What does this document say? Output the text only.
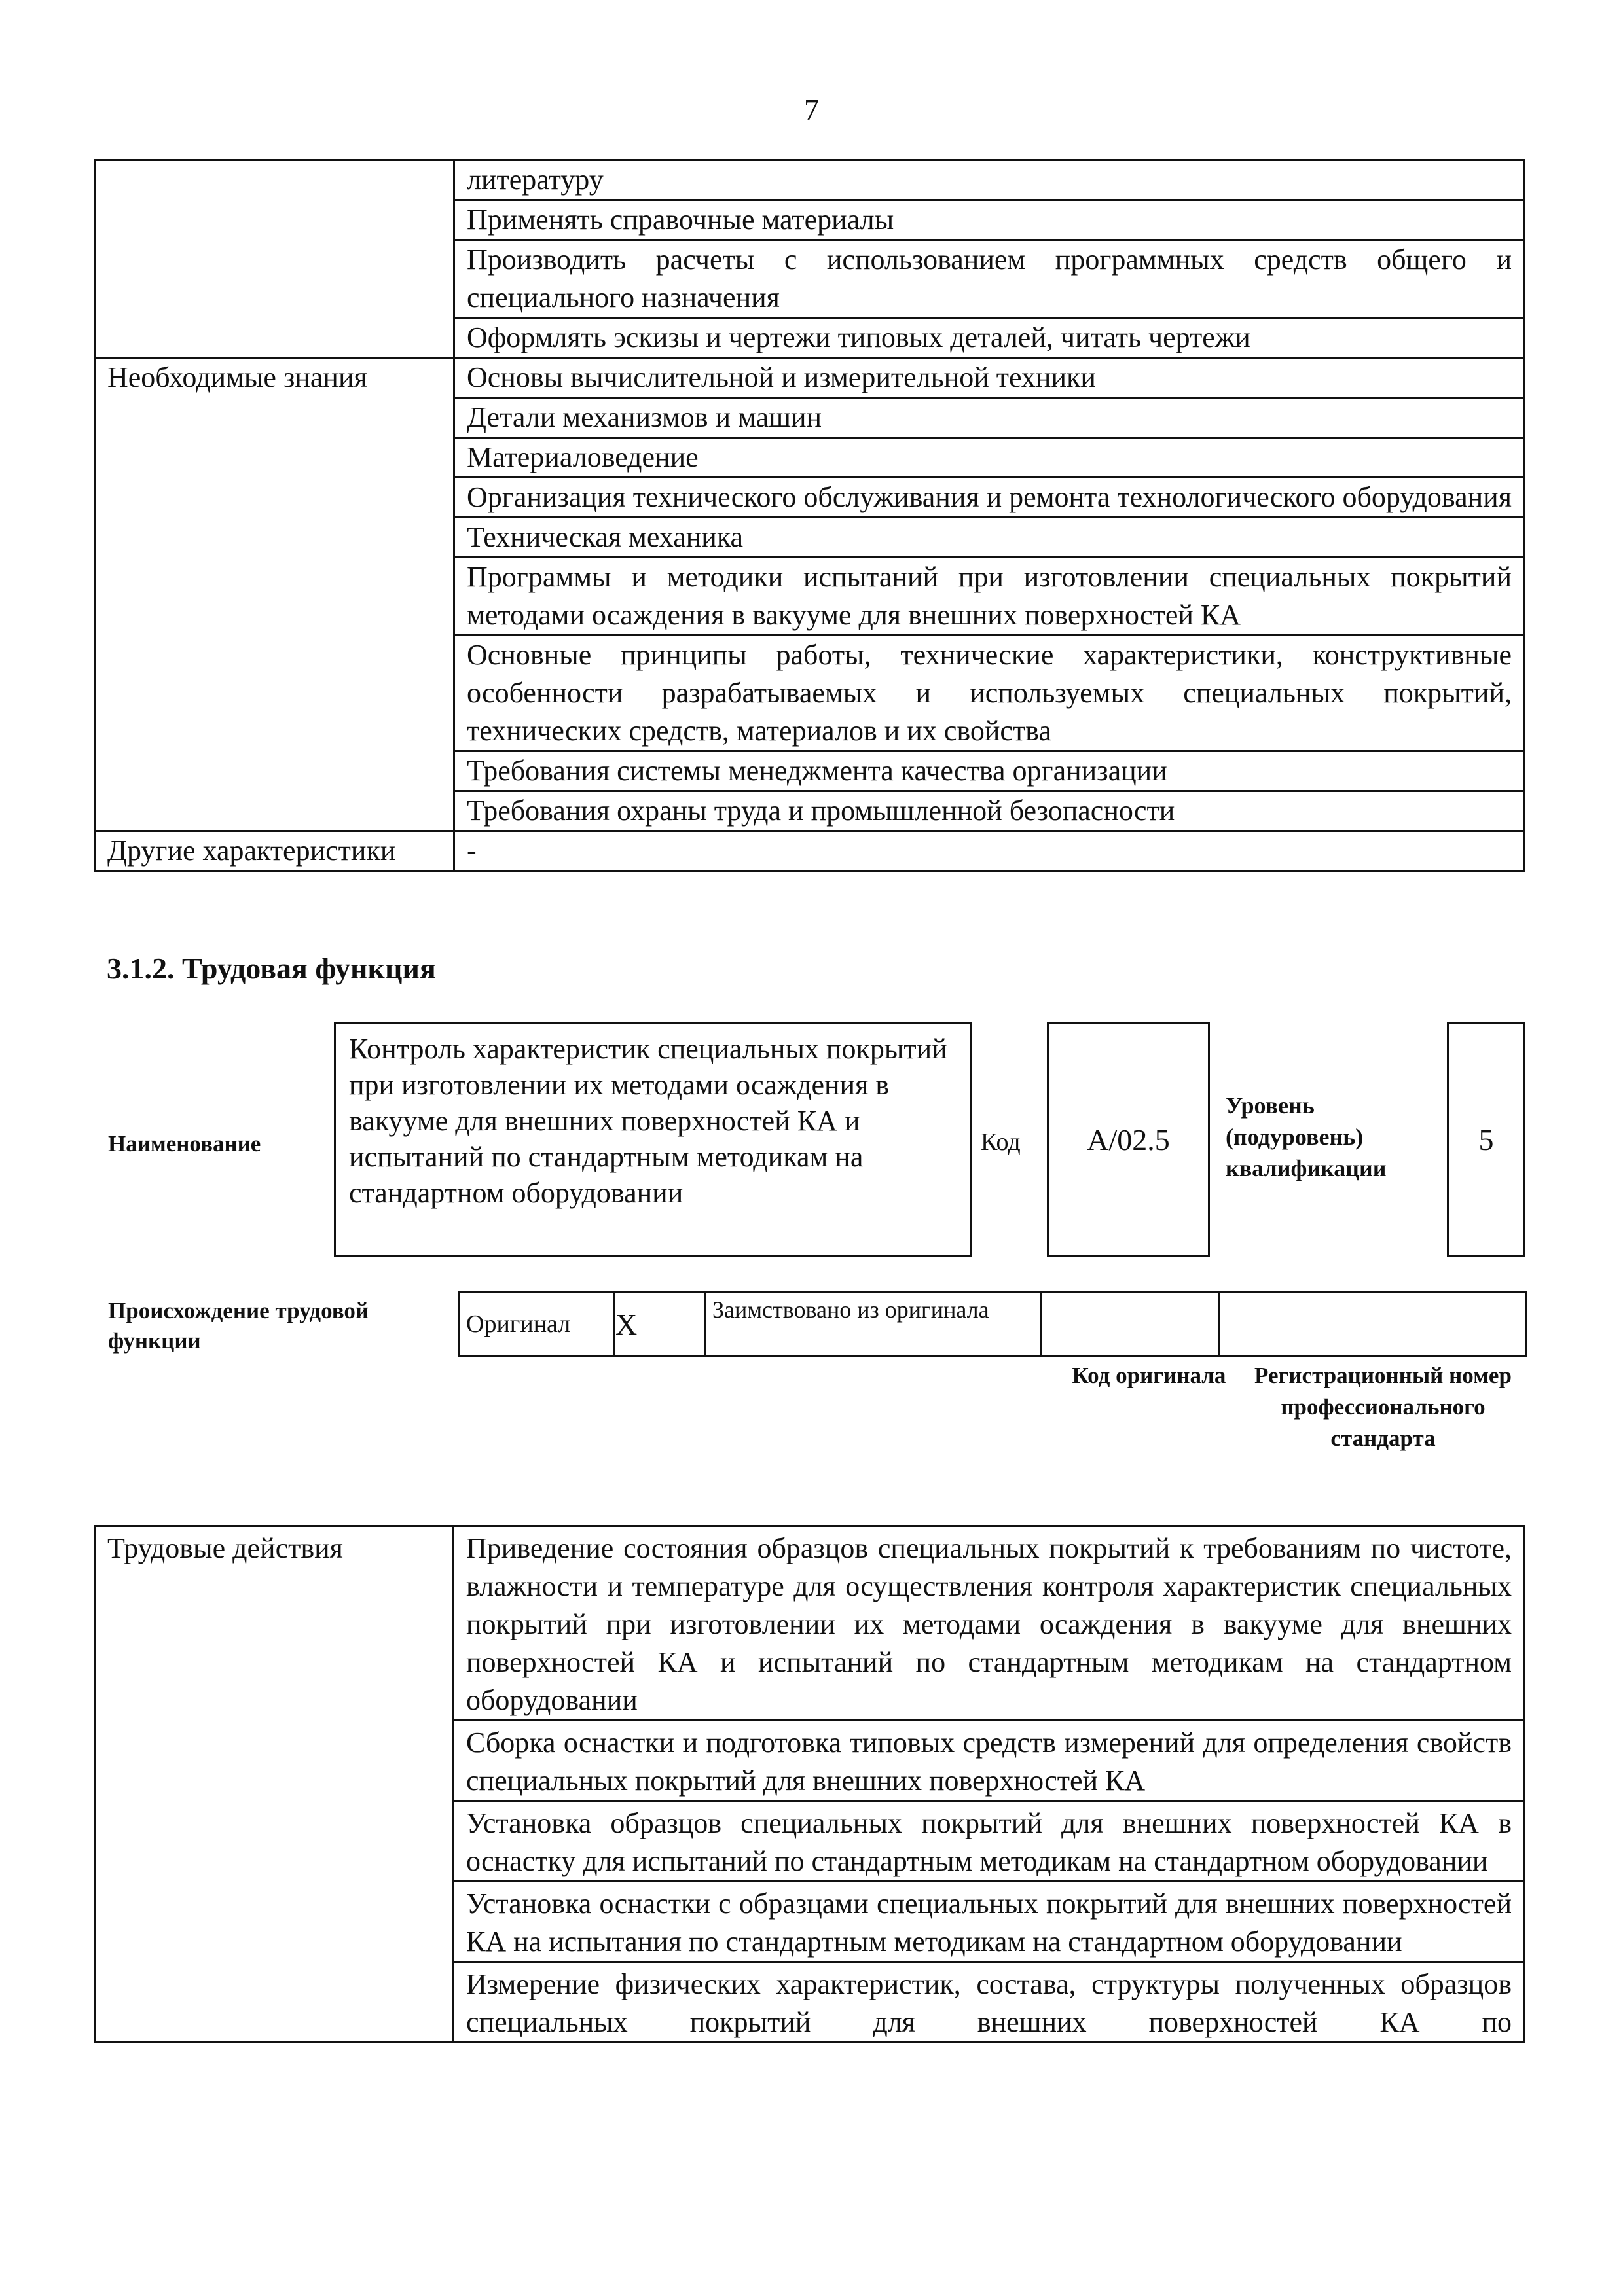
7
	литературу
	Применять справочные материалы
	Производить расчеты с использованием программных средств общего и специального назначения
	Оформлять эскизы и чертежи типовых деталей, читать чертежи
Необходимые знания	Основы вычислительной и измерительной техники
	Детали механизмов и машин
	Материаловедение
	Организация технического обслуживания и ремонта технологического оборудования
	Техническая механика
	Программы и методики испытаний при изготовлении специальных покрытий методами осаждения в вакууме для внешних поверхностей КА
	Основные принципы работы, технические характеристики, конструктивные особенности разрабатываемых и используемых специальных покрытий, технических средств, материалов и их свойства
	Требования системы менеджмента качества организации
	Требования охраны труда и промышленной безопасности
Другие характеристики	-
3.1.2. Трудовая функция
Наименование
Контроль характеристик специальных покрытий при изготовлении их методами осаждения в вакууме для внешних поверхностей КА и испытаний по стандартным методикам на стандартном оборудовании
Код	A/02.5
Уровень (подуровень) квалификации
5
Происхождение трудовой функции
Оригинал	X	Заимствовано из оригинала		
Код оригинала	Регистрационный номер профессионального стандарта
Трудовые действия	Приведение состояния образцов специальных покрытий к требованиям по чистоте, влажности и температуре для осуществления контроля характеристик специальных покрытий при изготовлении их методами осаждения в вакууме для внешних поверхностей КА и испытаний по стандартным методикам на стандартном оборудовании
Сборка оснастки и подготовка типовых средств измерений для определения свойств специальных покрытий для внешних поверхностей КА
Установка образцов специальных покрытий для внешних поверхностей КА в оснастку для испытаний по стандартным методикам на стандартном оборудовании
Установка оснастки с образцами специальных покрытий для внешних поверхностей КА на испытания по стандартным методикам на стандартном оборудовании
Измерение физических характеристик, состава, структуры полученных образцов специальных покрытий для внешних поверхностей КА по
